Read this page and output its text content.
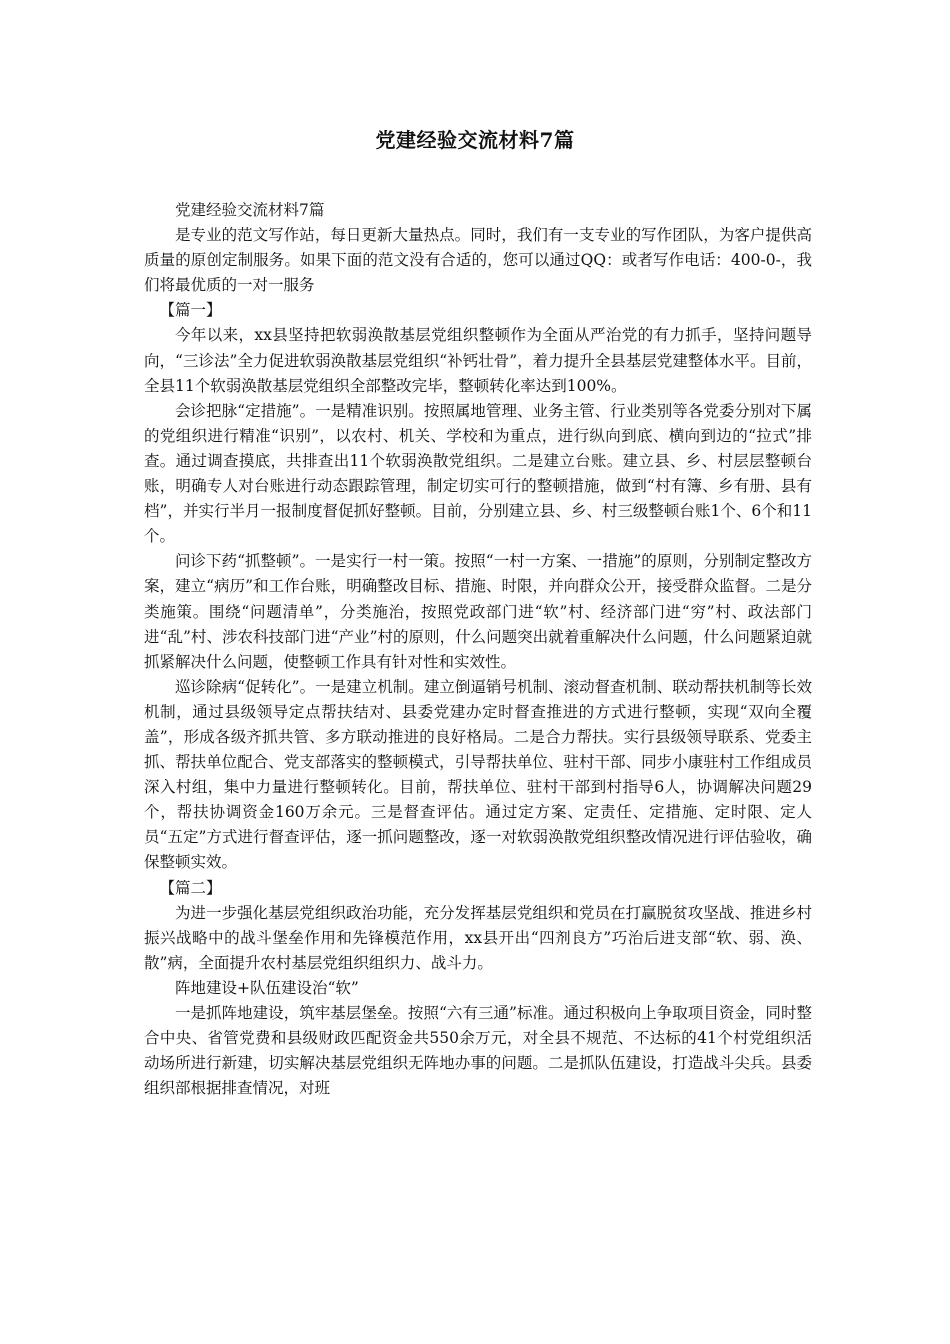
党建经验交流材料7篇

党建经验交流材料7篇

是专业的范文写作站，每日更新大量热点。同时，我们有一支专业的写作团队，为客户提供高质量的原创定制服务。如果下面的范文没有合适的，您可以通过QQ：或者写作电话：400-0-，我们将最优质的一对一服务

【篇一】

今年以来，xx县坚持把软弱涣散基层党组织整顿作为全面从严治党的有力抓手，坚持问题导向，“三诊法”全力促进软弱涣散基层党组织“补钙壮骨”，着力提升全县基层党建整体水平。目前，全县11个软弱涣散基层党组织全部整改完毕，整顿转化率达到100%。

会诊把脉“定措施”。一是精准识别。按照属地管理、业务主管、行业类别等各党委分别对下属的党组织进行精准“识别”，以农村、机关、学校和为重点，进行纵向到底、横向到边的“拉式”排查。通过调查摸底，共排查出11个软弱涣散党组织。二是建立台账。建立县、乡、村层层整顿台账，明确专人对台账进行动态跟踪管理，制定切实可行的整顿措施，做到“村有簿、乡有册、县有档”，并实行半月一报制度督促抓好整顿。目前，分别建立县、乡、村三级整顿台账1个、6个和11个。

问诊下药“抓整顿”。一是实行一村一策。按照“一村一方案、一措施”的原则，分别制定整改方案，建立“病历”和工作台账，明确整改目标、措施、时限，并向群众公开，接受群众监督。二是分类施策。围绕“问题清单”，分类施治，按照党政部门进“软”村、经济部门进“穷”村、政法部门进“乱”村、涉农科技部门进“产业”村的原则，什么问题突出就着重解决什么问题，什么问题紧迫就抓紧解决什么问题，使整顿工作具有针对性和实效性。

巡诊除病“促转化”。一是建立机制。建立倒逼销号机制、滚动督查机制、联动帮扶机制等长效机制，通过县级领导定点帮扶结对、县委党建办定时督查推进的方式进行整顿，实现“双向全覆盖”，形成各级齐抓共管、多方联动推进的良好格局。二是合力帮扶。实行县级领导联系、党委主抓、帮扶单位配合、党支部落实的整顿模式，引导帮扶单位、驻村干部、同步小康驻村工作组成员深入村组，集中力量进行整顿转化。目前，帮扶单位、驻村干部到村指导6人，协调解决问题29个，帮扶协调资金160万余元。三是督查评估。通过定方案、定责任、定措施、定时限、定人员“五定”方式进行督查评估，逐一抓问题整改，逐一对软弱涣散党组织整改情况进行评估验收，确保整顿实效。

【篇二】

为进一步强化基层党组织政治功能，充分发挥基层党组织和党员在打赢脱贫攻坚战、推进乡村振兴战略中的战斗堡垒作用和先锋模范作用，xx县开出“四剂良方”巧治后进支部“软、弱、涣、散”病，全面提升农村基层党组织组织力、战斗力。

阵地建设+队伍建设治“软”

一是抓阵地建设，筑牢基层堡垒。按照“六有三通”标准。通过积极向上争取项目资金，同时整合中央、省管党费和县级财政匹配资金共550余万元，对全县不规范、不达标的41个村党组织活动场所进行新建，切实解决基层党组织无阵地办事的问题。二是抓队伍建设，打造战斗尖兵。县委组织部根据排查情况，对班
